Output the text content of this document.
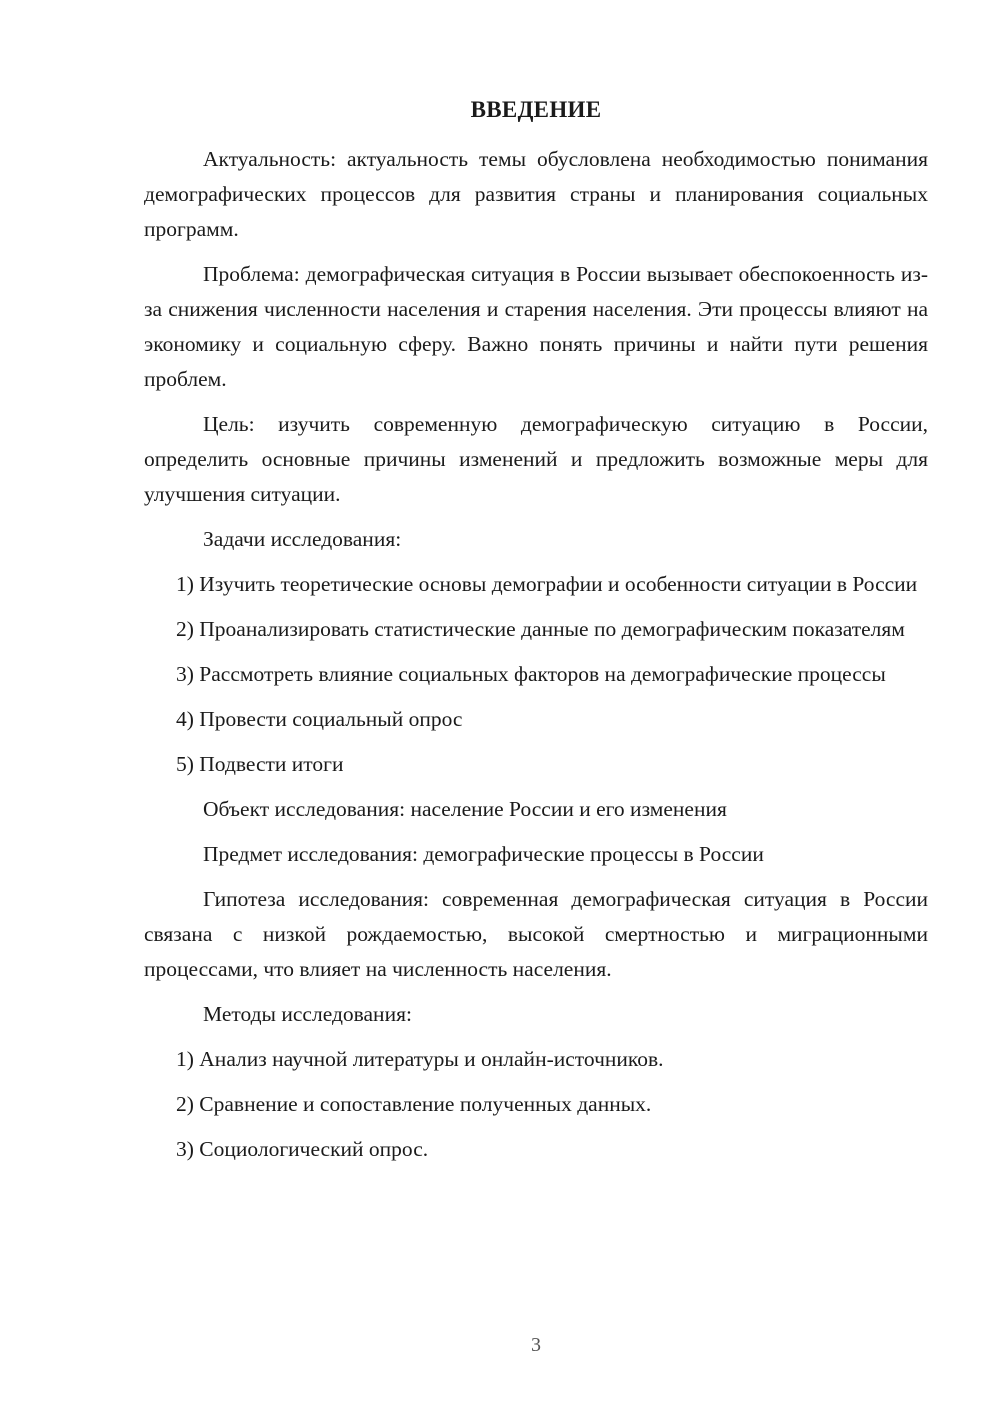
ВВЕДЕНИЕ

Актуальность: актуальность темы обусловлена необходимостью понимания демографических процессов для развития страны и планирования социальных программ.

Проблема: демографическая ситуация в России вызывает обеспокоенность из-за снижения численности населения и старения населения. Эти процессы влияют на экономику и социальную сферу. Важно понять причины и найти пути решения проблем.

Цель: изучить современную демографическую ситуацию в России, определить основные причины изменений и предложить возможные меры для улучшения ситуации.

Задачи исследования:

1) Изучить теоретические основы демографии и особенности ситуации в России

2) Проанализировать статистические данные по демографическим показателям

3) Рассмотреть влияние социальных факторов на демографические процессы

4) Провести социальный опрос

5) Подвести итоги

Объект исследования: население России и его изменения

Предмет исследования: демографические процессы в России

Гипотеза исследования: современная демографическая ситуация в России связана с низкой рождаемостью, высокой смертностью и миграционными процессами, что влияет на численность населения.

Методы исследования:

1) Анализ научной литературы и онлайн-источников.

2) Сравнение и сопоставление полученных данных.

3) Социологический опрос.

3
